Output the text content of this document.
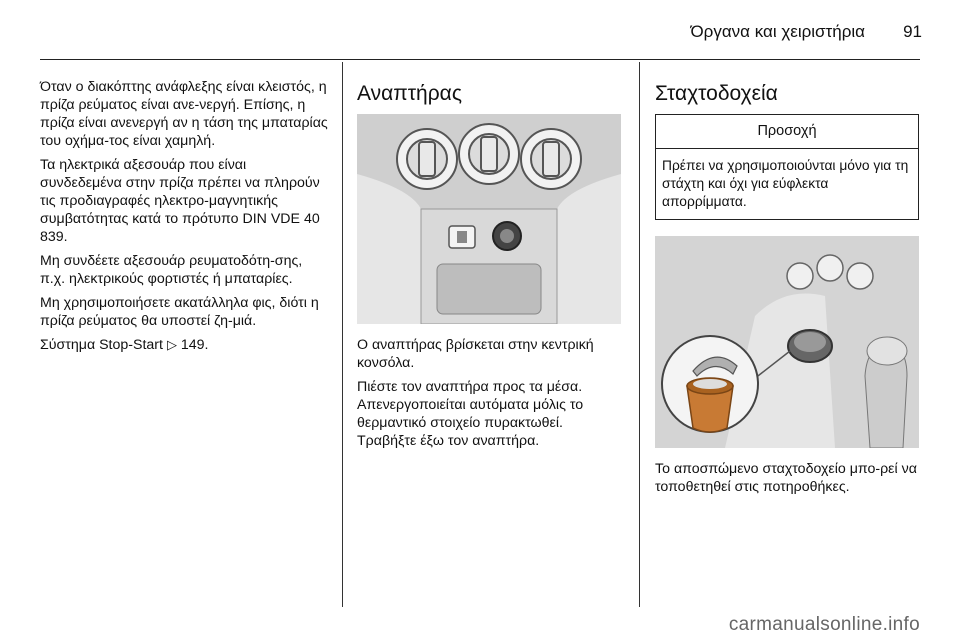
Όργανα και χειριστήρια 91

Όταν ο διακόπτης ανάφλεξης είναι κλειστός, η πρίζα ρεύματος είναι ανε‐νεργή. Επίσης, η πρίζα είναι ανενεργή αν η τάση της μπαταρίας του οχήμα‐τος είναι χαμηλή.

Τα ηλεκτρικά αξεσουάρ που είναι συνδεδεμένα στην πρίζα πρέπει να πληρούν τις προδιαγραφές ηλεκτρο‐μαγνητικής συμβατότητας κατά το πρότυπο DIN VDE 40 839.

Μη συνδέετε αξεσουάρ ρευματοδότη‐σης, π.χ. ηλεκτρικούς φορτιστές ή μπαταρίες.

Μη χρησιμοποιήσετε ακατάλληλα φις, διότι η πρίζα ρεύματος θα υποστεί ζη‐μιά.

Σύστημα Stop-Start ▷ 149.

Αναπτήρας

Ο αναπτήρας βρίσκεται στην κεντρική κονσόλα.

Πιέστε τον αναπτήρα προς τα μέσα. Απενεργοποιείται αυτόματα μόλις το θερμαντικό στοιχείο πυρακτωθεί. Τραβήξτε έξω τον αναπτήρα.

Σταχτοδοχεία
Προσοχή
Πρέπει να χρησιμοποιούνται μόνο για τη στάχτη και όχι για εύφλεκτα απορρίμματα.

Το αποσπώμενο σταχτοδοχείο μπο‐ρεί να τοποθετηθεί στις ποτηροθήκες.

carmanualsonline.info
